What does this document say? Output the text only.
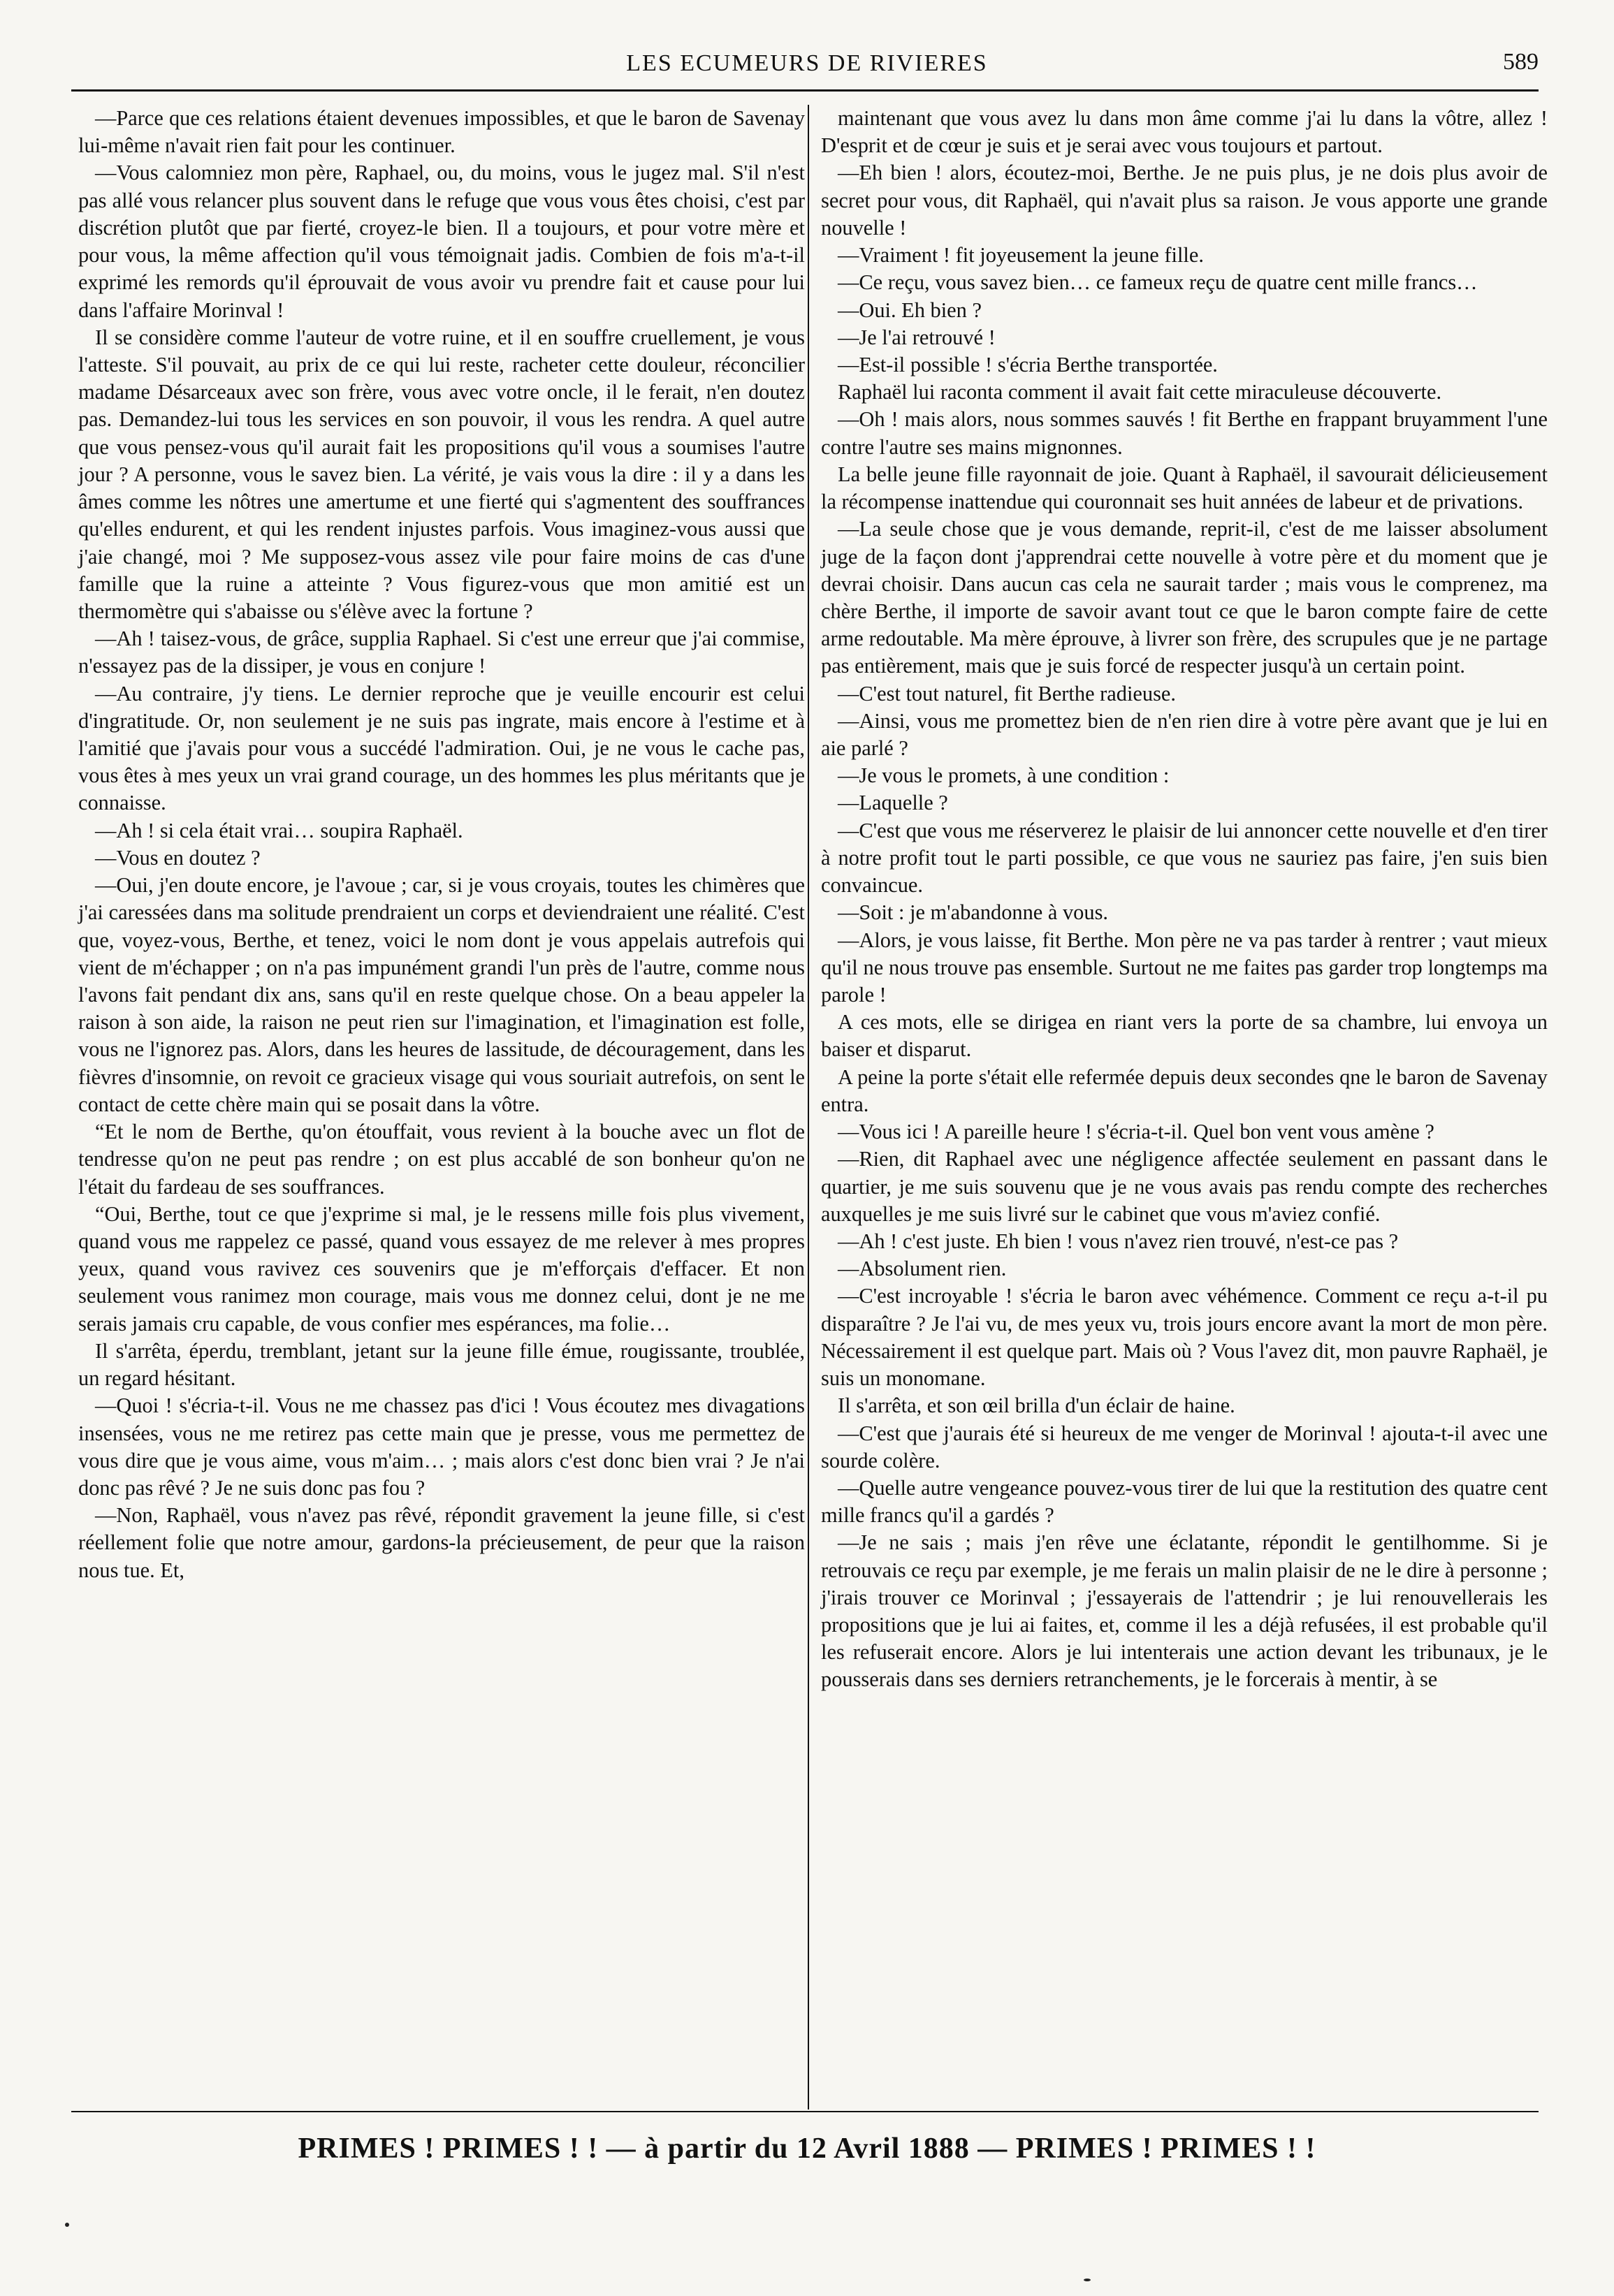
LES ECUMEURS DE RIVIERES	589

—Parce que ces relations étaient devenues impossibles, et que le baron de Savenay lui-même n'avait rien fait pour les continuer.

—Vous calomniez mon père, Raphael, ou, du moins, vous le jugez mal. S'il n'est pas allé vous relancer plus souvent dans le refuge que vous vous êtes choisi, c'est par discrétion plutôt que par fierté, croyez-le bien. Il a toujours, et pour votre mère et pour vous, la même affection qu'il vous témoignait jadis. Combien de fois m'a-t-il exprimé les remords qu'il éprouvait de vous avoir vu prendre fait et cause pour lui dans l'affaire Morinval !

Il se considère comme l'auteur de votre ruine, et il en souffre cruellement, je vous l'atteste. S'il pouvait, au prix de ce qui lui reste, racheter cette douleur, réconcilier madame Désarceaux avec son frère, vous avec votre oncle, il le ferait, n'en doutez pas. Demandez-lui tous les services en son pouvoir, il vous les rendra. A quel autre que vous pensez-vous qu'il aurait fait les propositions qu'il vous a soumises l'autre jour ? A personne, vous le savez bien. La vérité, je vais vous la dire : il y a dans les âmes comme les nôtres une amertume et une fierté qui s'agmentent des souffrances qu'elles endurent, et qui les rendent injustes parfois. Vous imaginez-vous aussi que j'aie changé, moi ? Me supposez-vous assez vile pour faire moins de cas d'une famille que la ruine a atteinte ? Vous figurez-vous que mon amitié est un thermomètre qui s'abaisse ou s'élève avec la fortune ?

—Ah ! taisez-vous, de grâce, supplia Raphael. Si c'est une erreur que j'ai commise, n'essayez pas de la dissiper, je vous en conjure !

—Au contraire, j'y tiens. Le dernier reproche que je veuille encourir est celui d'ingratitude. Or, non seulement je ne suis pas ingrate, mais encore à l'estime et à l'amitié que j'avais pour vous a succédé l'admiration. Oui, je ne vous le cache pas, vous êtes à mes yeux un vrai grand courage, un des hommes les plus méritants que je connaisse.

—Ah ! si cela était vrai… soupira Raphaël.

—Vous en doutez ?

—Oui, j'en doute encore, je l'avoue ; car, si je vous croyais, toutes les chimères que j'ai caressées dans ma solitude prendraient un corps et deviendraient une réalité. C'est que, voyez-vous, Berthe, et tenez, voici le nom dont je vous appelais autrefois qui vient de m'échapper ; on n'a pas impunément grandi l'un près de l'autre, comme nous l'avons fait pendant dix ans, sans qu'il en reste quelque chose. On a beau appeler la raison à son aide, la raison ne peut rien sur l'imagination, et l'imagination est folle, vous ne l'ignorez pas. Alors, dans les heures de lassitude, de découragement, dans les fièvres d'insomnie, on revoit ce gracieux visage qui vous souriait autrefois, on sent le contact de cette chère main qui se posait dans la vôtre.

“Et le nom de Berthe, qu'on étouffait, vous revient à la bouche avec un flot de tendresse qu'on ne peut pas rendre ; on est plus accablé de son bonheur qu'on ne l'était du fardeau de ses souffrances.

“Oui, Berthe, tout ce que j'exprime si mal, je le ressens mille fois plus vivement, quand vous me rappelez ce passé, quand vous essayez de me relever à mes propres yeux, quand vous ravivez ces souvenirs que je m'efforçais d'effacer. Et non seulement vous ranimez mon courage, mais vous me donnez celui, dont je ne me serais jamais cru capable, de vous confier mes espérances, ma folie…

Il s'arrêta, éperdu, tremblant, jetant sur la jeune fille émue, rougissante, troublée, un regard hésitant.

—Quoi ! s'écria-t-il. Vous ne me chassez pas d'ici ! Vous écoutez mes divagations insensées, vous ne me retirez pas cette main que je presse, vous me permettez de vous dire que je vous aime, vous m'aim… ; mais alors c'est donc bien vrai ? Je n'ai donc pas rêvé ? Je ne suis donc pas fou ?

—Non, Raphaël, vous n'avez pas rêvé, répondit gravement la jeune fille, si c'est réellement folie que notre amour, gardons-la précieusement, de peur que la raison nous tue. Et,

maintenant que vous avez lu dans mon âme comme j'ai lu dans la vôtre, allez ! D'esprit et de cœur je suis et je serai avec vous toujours et partout.

—Eh bien ! alors, écoutez-moi, Berthe. Je ne puis plus, je ne dois plus avoir de secret pour vous, dit Raphaël, qui n'avait plus sa raison. Je vous apporte une grande nouvelle !

—Vraiment ! fit joyeusement la jeune fille.

—Ce reçu, vous savez bien… ce fameux reçu de quatre cent mille francs…

—Oui. Eh bien ?

—Je l'ai retrouvé !

—Est-il possible ! s'écria Berthe transportée.

Raphaël lui raconta comment il avait fait cette miraculeuse découverte.

—Oh ! mais alors, nous sommes sauvés ! fit Berthe en frappant bruyamment l'une contre l'autre ses mains mignonnes.

La belle jeune fille rayonnait de joie. Quant à Raphaël, il savourait délicieusement la récompense inattendue qui couronnait ses huit années de labeur et de privations.

—La seule chose que je vous demande, reprit-il, c'est de me laisser absolument juge de la façon dont j'apprendrai cette nouvelle à votre père et du moment que je devrai choisir. Dans aucun cas cela ne saurait tarder ; mais vous le comprenez, ma chère Berthe, il importe de savoir avant tout ce que le baron compte faire de cette arme redoutable. Ma mère éprouve, à livrer son frère, des scrupules que je ne partage pas entièrement, mais que je suis forcé de respecter jusqu'à un certain point.

—C'est tout naturel, fit Berthe radieuse.

—Ainsi, vous me promettez bien de n'en rien dire à votre père avant que je lui en aie parlé ?

—Je vous le promets, à une condition :

—Laquelle ?

—C'est que vous me réserverez le plaisir de lui annoncer cette nouvelle et d'en tirer à notre profit tout le parti possible, ce que vous ne sauriez pas faire, j'en suis bien convaincue.

—Soit : je m'abandonne à vous.

—Alors, je vous laisse, fit Berthe. Mon père ne va pas tarder à rentrer ; vaut mieux qu'il ne nous trouve pas ensemble. Surtout ne me faites pas garder trop longtemps ma parole !

A ces mots, elle se dirigea en riant vers la porte de sa chambre, lui envoya un baiser et disparut.

A peine la porte s'était elle refermée depuis deux secondes qne le baron de Savenay entra.

—Vous ici ! A pareille heure ! s'écria-t-il. Quel bon vent vous amène ?

—Rien, dit Raphael avec une négligence affectée seulement en passant dans le quartier, je me suis souvenu que je ne vous avais pas rendu compte des recherches auxquelles je me suis livré sur le cabinet que vous m'aviez confié.

—Ah ! c'est juste. Eh bien ! vous n'avez rien trouvé, n'est-ce pas ?

—Absolument rien.

—C'est incroyable ! s'écria le baron avec véhémence. Comment ce reçu a-t-il pu disparaître ? Je l'ai vu, de mes yeux vu, trois jours encore avant la mort de mon père. Nécessairement il est quelque part. Mais où ? Vous l'avez dit, mon pauvre Raphaël, je suis un monomane.

Il s'arrêta, et son œil brilla d'un éclair de haine.

—C'est que j'aurais été si heureux de me venger de Morinval ! ajouta-t-il avec une sourde colère.

—Quelle autre vengeance pouvez-vous tirer de lui que la restitution des quatre cent mille francs qu'il a gardés ?

—Je ne sais ; mais j'en rêve une éclatante, répondit le gentilhomme. Si je retrouvais ce reçu par exemple, je me ferais un malin plaisir de ne le dire à personne ; j'irais trouver ce Morinval ; j'essayerais de l'attendrir ; je lui renouvellerais les propositions que je lui ai faites, et, comme il les a déjà refusées, il est probable qu'il les refuserait encore. Alors je lui intenterais une action devant les tribunaux, je le pousserais dans ses derniers retranchements, je le forcerais à mentir, à se

PRIMES ! PRIMES ! ! — à partir du 12 Avril 1888 — PRIMES ! PRIMES ! !
